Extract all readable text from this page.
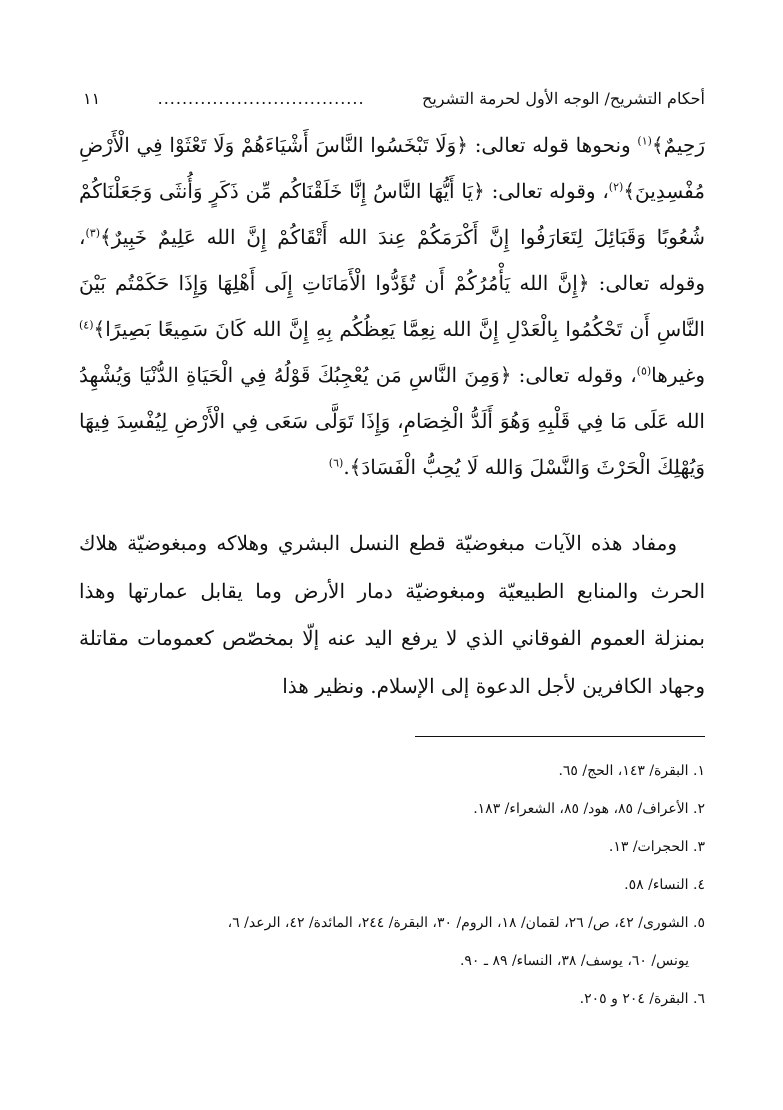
أحكام التشريح/ الوجه الأول لحرمة التشريح
١١	..................................

رَحِيمٌ﴾$^{(١)}$ ونحوها قوله تعالى: ﴿وَلَا تَبْخَسُوا النَّاسَ أَشْيَاءَهُمْ وَلَا تَعْثَوْا فِي الْأَرْضِ مُفْسِدِينَ﴾$^{(٢)}$، وقوله تعالى: ﴿يَا أَيُّهَا النَّاسُ إِنَّا خَلَقْنَاكُم مِّن ذَكَرٍ وَأُنثَى وَجَعَلْنَاكُمْ شُعُوبًا وَقَبَائِلَ لِتَعَارَفُوا إِنَّ أَكْرَمَكُمْ عِندَ الله أَتْقَاكُمْ إِنَّ الله عَلِيمٌ خَبِيرٌ﴾$^{(٣)}$، وقوله تعالى: ﴿إِنَّ الله يَأْمُرُكُمْ أَن تُؤَدُّوا الْأَمَانَاتِ إِلَى أَهْلِهَا وَإِذَا حَكَمْتُم بَيْنَ النَّاسِ أَن تَحْكُمُوا بِالْعَدْلِ إِنَّ الله نِعِمَّا يَعِظُكُم بِهِ إِنَّ الله كَانَ سَمِيعًا بَصِيرًا﴾$^{(٤)}$ وغيرها$^{(٥)}$، وقوله تعالى: ﴿وَمِنَ النَّاسِ مَن يُعْجِبُكَ قَوْلُهُ فِي الْحَيَاةِ الدُّنْيَا وَيُشْهِدُ الله عَلَى مَا فِي قَلْبِهِ وَهُوَ أَلَدُّ الْخِصَامِ، وَإِذَا تَوَلَّى سَعَى فِي الْأَرْضِ لِيُفْسِدَ فِيهَا وَيُهْلِكَ الْحَرْثَ وَالنَّسْلَ وَالله لَا يُحِبُّ الْفَسَادَ﴾.$^{(٦)}$

ومفاد هذه الآيات مبغوضيّة قطع النسل البشري وهلاكه ومبغوضيّة هلاك الحرث والمنابع الطبيعيّة ومبغوضيّة دمار الأرض وما يقابل عمارتها وهذا بمنزلة العموم الفوقاني الذي لا يرفع اليد عنه إلّا بمخصّص كعمومات مقاتلة وجهاد الكافرين لأجل الدعوة إلى الإسلام. ونظير هذا

١. البقرة/ ١٤٣، الحج/ ٦٥.

٢. الأعراف/ ٨٥، هود/ ٨٥، الشعراء/ ١٨٣.

٣. الحجرات/ ١٣.

٤. النساء/ ٥٨.

٥. الشورى/ ٤٢، ص/ ٢٦، لقمان/ ١٨، الروم/ ٣٠، البقرة/ ٢٤٤، المائدة/ ٤٢، الرعد/ ٦،

يونس/ ٦٠، يوسف/ ٣٨، النساء/ ٨٩ ـ ٩٠.

٦. البقرة/ ٢٠٤ و ٢٠٥.
